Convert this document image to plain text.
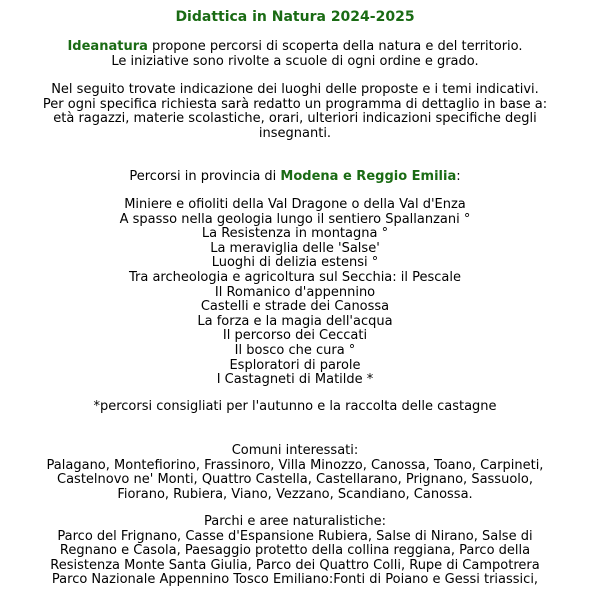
Didattica in Natura 2024-2025
Ideanatura propone percorsi di scoperta della natura e del territorio.
Le iniziative sono rivolte a scuole di ogni ordine e grado.
Nel seguito trovate indicazione dei luoghi delle proposte e i temi indicativi.
Per ogni specifica richiesta sarà redatto un programma di dettaglio in base a:
età ragazzi, materie scolastiche, orari, ulteriori indicazioni specifiche degli
insegnanti.
Percorsi in provincia di Modena e Reggio Emilia:
Miniere e ofioliti della Val Dragone o della Val d'Enza
A spasso nella geologia lungo il sentiero Spallanzani °
La Resistenza in montagna °
La meraviglia delle 'Salse'
Luoghi di delizia estensi °
Tra archeologia e agricoltura sul Secchia: il Pescale
Il Romanico d'appennino
Castelli e strade dei Canossa
La forza e la magia dell'acqua
Il percorso dei Ceccati
Il bosco che cura °
Esploratori di parole
I Castagneti di Matilde *
*percorsi consigliati per l'autunno e la raccolta delle castagne
Comuni interessati:
Palagano, Montefiorino, Frassinoro, Villa Minozzo, Canossa, Toano, Carpineti,
Castelnovo ne' Monti, Quattro Castella, Castellarano, Prignano, Sassuolo,
Fiorano, Rubiera, Viano, Vezzano, Scandiano, Canossa.
Parchi e aree naturalistiche:
Parco del Frignano, Casse d'Espansione Rubiera, Salse di Nirano, Salse di
Regnano e Casola, Paesaggio protetto della collina reggiana, Parco della
Resistenza Monte Santa Giulia, Parco dei Quattro Colli, Rupe di Campotrera
Parco Nazionale Appennino Tosco Emiliano:Fonti di Poiano e Gessi triassici,
